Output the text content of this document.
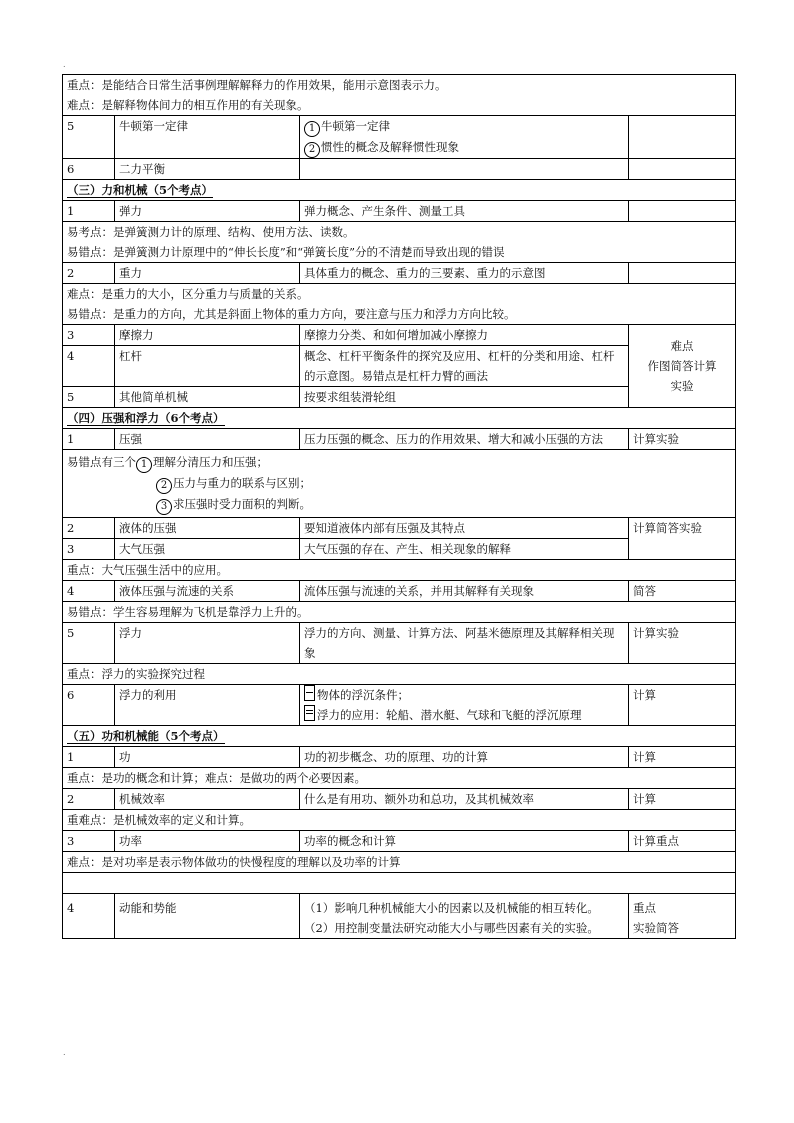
.
重点：是能结合日常生活事例理解解释力的作用效果，能用示意图表示力。
难点：是解释物体间力的相互作用的有关现象。			

5	牛顿第一定律	1 牛顿第一定律
2 惯性的概念及解释惯性现象	

6	二力平衡		
（三）力和机械（5个考点）			
1	弹力	弹力概念、产生条件、测量工具	

易考点：是弹簧测力计的原理、结构、使用方法、读数。
易错点：是弹簧测力计原理中的“伸长长度”和“弹簧长度”分的不清楚而导致出现的错误			

2	重力	具体重力的概念、重力的三要素、重力的示意图	

难点：是重力的大小，区分重力与质量的关系。
易错点：是重力的方向，尤其是斜面上物体的重力方向，要注意与压力和浮力方向比较。			

3	摩擦力	摩擦力分类、和如何增加减小摩擦力	难点
作图简答计算
实验

4	杠杆	概念、杠杆平衡条件的探究及应用、杠杆的分类和用途、杠杆的示意图。易错点是杠杆力臂的画法	
5	其他简单机械	按要求组装滑轮组	
（四）压强和浮力（6个考点）			
1	压强	压力压强的概念、压力的作用效果、增大和减小压强的方法	计算实验

易错点有三个 1 理解分清压力和压强；
2 压力与重力的联系与区别；
3 求压强时受力面积的判断。			

2	液体的压强	要知道液体内部有压强及其特点	计算简答实验
3	大气压强	大气压强的存在、产生、相关现象的解释	
重点：大气压强生活中的应用。			
4	液体压强与流速的关系	流体压强与流速的关系，并用其解释有关现象	简答
易错点：学生容易理解为飞机是靠浮力上升的。			
5	浮力	浮力的方向、测量、计算方法、阿基米德原理及其解释相关现象	计算实验
重点：浮力的实验探究过程			
6	浮力的利用	物体的浮沉条件；
浮力的应用：轮船、潜水艇、气球和飞艇的浮沉原理	计算
（五）功和机械能（5个考点）			
1	功	功的初步概念、功的原理、功的计算	计算
重点：是功的概念和计算；难点：是做功的两个必要因素。			
2	机械效率	什么是有用功、额外功和总功，及其机械效率	计算
重难点：是机械效率的定义和计算。			
3	功率	功率的概念和计算	计算重点
难点：是对功率是表示物体做功的快慢程度的理解以及功率的计算			

4	动能和势能	（1）影响几种机械能大小的因素以及机械能的相互转化。
（2）用控制变量法研究动能大小与哪些因素有关的实验。	重点
实验简答
.
